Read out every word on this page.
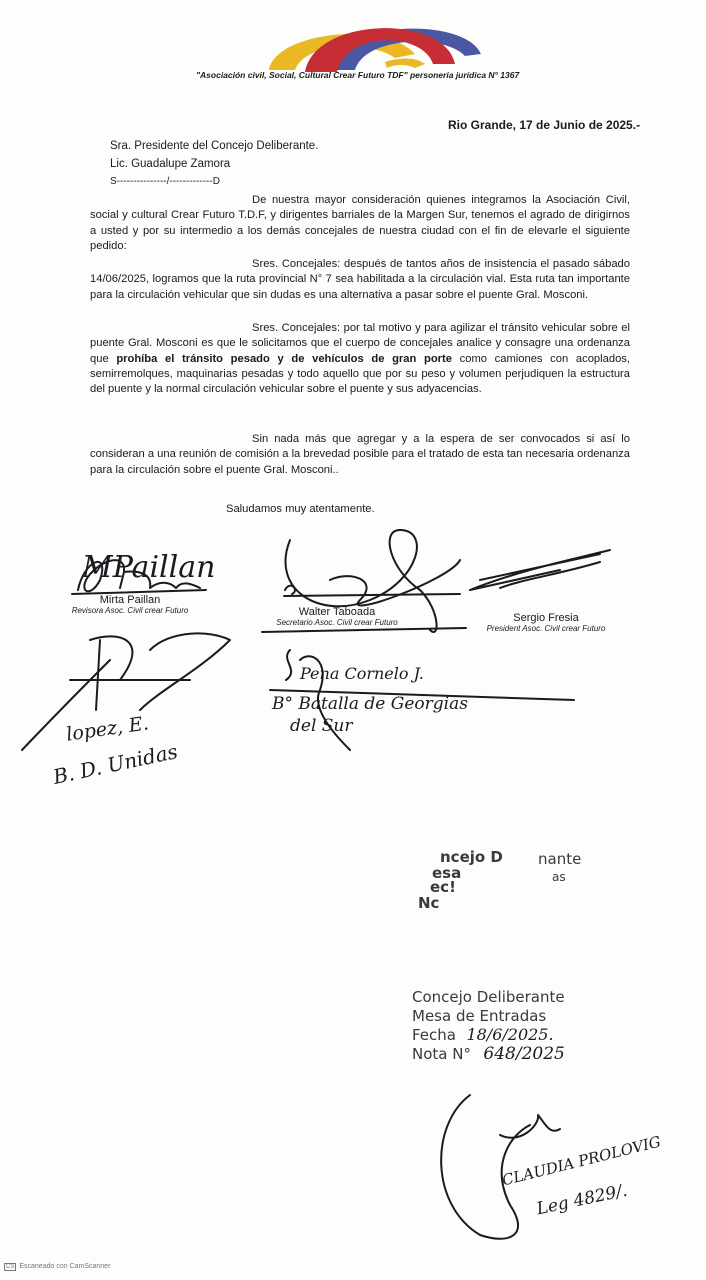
"Asociación civil, Social, Cultural Crear Futuro TDF" personeria jurídica N° 1367
Rio Grande, 17 de Junio de 2025.-
Sra. Presidente del Concejo Deliberante.
Lic. Guadalupe Zamora
S---------------/-------------D
De nuestra mayor consideración quienes integramos la Asociación Civil, social y cultural Crear Futuro T.D.F, y dirigentes barriales de la Margen Sur, tenemos el agrado de dirigirnos a usted y por su intermedio a los demás concejales de nuestra ciudad con el fin de elevarle el siguiente pedido:
Sres. Concejales: después de tantos años de insistencia el pasado sábado 14/06/2025, logramos que la ruta provincial N° 7 sea habilitada a la circulación vial. Esta ruta tan importante para la circulación vehicular que sin dudas es una alternativa a pasar sobre el puente Gral. Mosconi.
Sres. Concejales: por tal motivo y para agilizar el tránsito vehicular sobre el puente Gral. Mosconi es que le solicitamos que el cuerpo de concejales analice y consagre una ordenanza que prohíba el tránsito pesado y de vehículos de gran porte como camiones con acoplados, semirremolques, maquinarias pesadas y todo aquello que por su peso y volumen perjudiquen la estructura del puente y la normal circulación vehicular sobre el puente y sus adyacencias.
Sin nada más que agregar y a la espera de ser convocados si así lo consideran a una reunión de comisión a la brevedad posible para el tratado de esta tan necesaria ordenanza para la circulación sobre el puente Gral. Mosconi..
Saludamos muy atentamente.
MPaillan
Mirta Paillan
Revisora Asoc. Civil crear Futuro	Walter Taboada
Secretario Asoc. Civil crear Futuro	Sergio Fresia
President Asoc. Civil crear Futuro
lopez, E.
B. D. Unidas
Pena Cornelo J.
B° Batalla de Georgias
del Sur
ncejo D nante
esa	as
ec!
Nc
Concejo Deliberante
Mesa de Entradas
Fecha 18/6/2025.
Nota N° 648/2025
CLAUDIA PROLOVIG
Leg 4829/.
CS Escaneado con CamScanner
